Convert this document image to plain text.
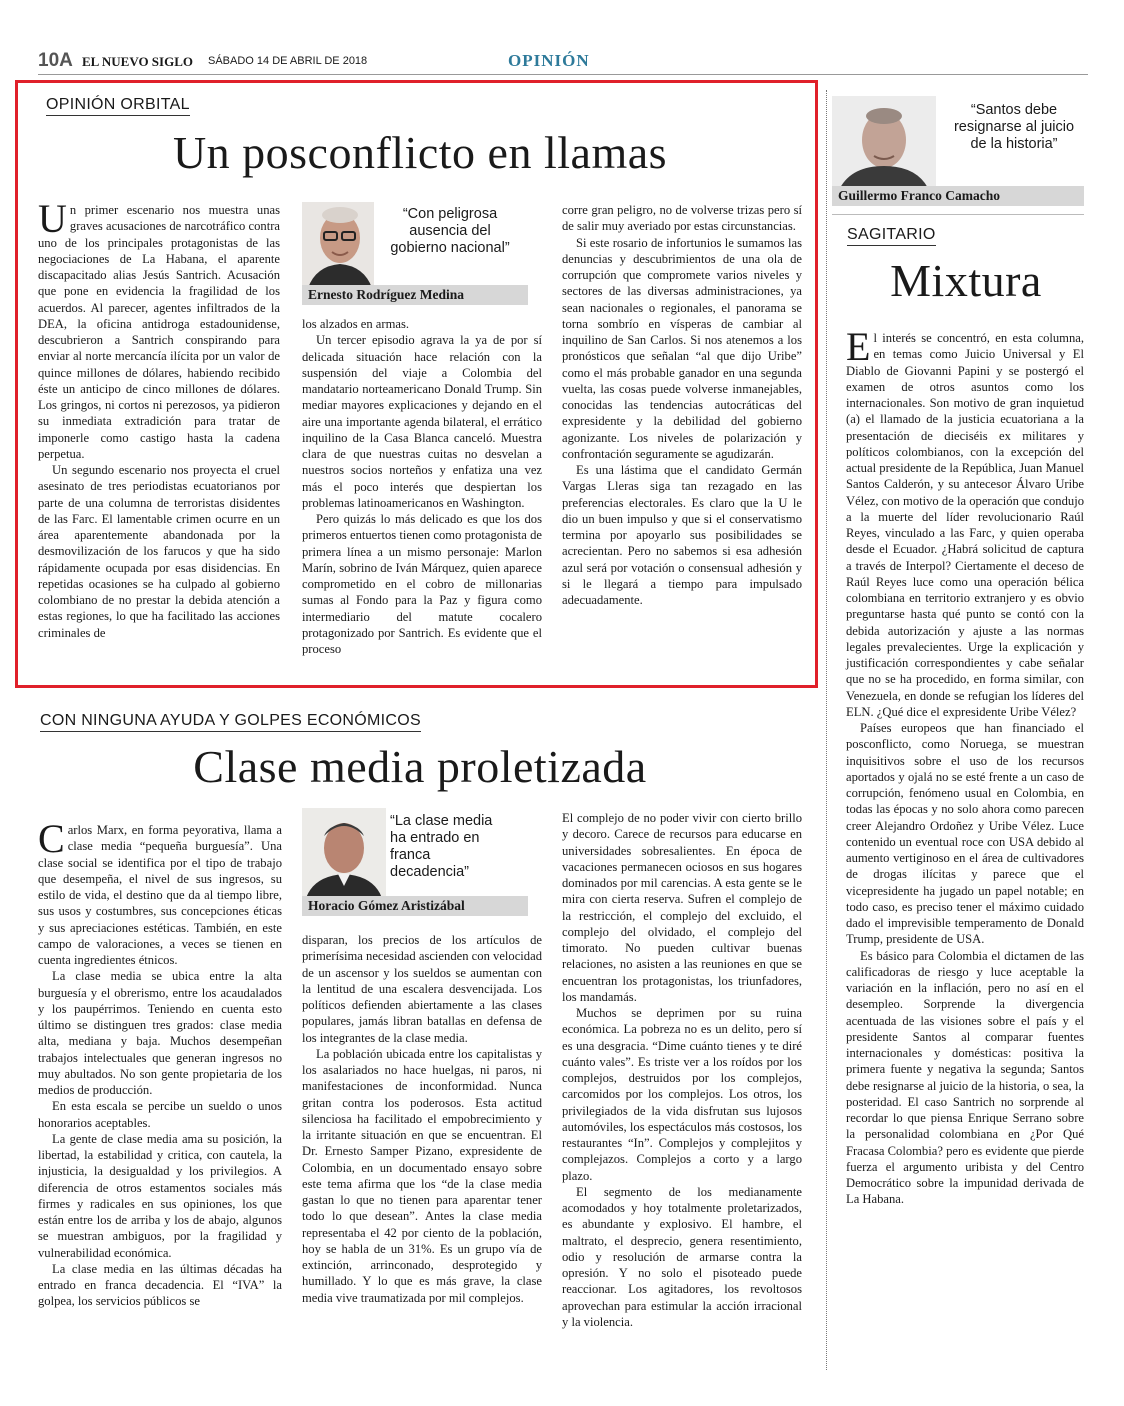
10A EL NUEVO SIGLO SÁBADO 14 DE ABRIL DE 2018	OPINIÓN
OPINIÓN ORBITAL
Un posconflicto en llamas

Un primer escenario nos muestra unas graves acusaciones de narcotráfico contra uno de los principales protagonistas de las negociaciones de La Habana, el aparente discapacitado alias Jesús Santrich. Acusación que pone en evidencia la fragilidad de los acuerdos. Al parecer, agentes infiltrados de la DEA, la oficina antidroga estadounidense, descubrieron a Santrich conspirando para enviar al norte mercancía ilícita por un valor de quince millones de dólares, habiendo recibido éste un anticipo de cinco millones de dólares. Los gringos, ni cortos ni perezosos, ya pidieron su inmediata extradición para tratar de imponerle como castigo hasta la cadena perpetua.

Un segundo escenario nos proyecta el cruel asesinato de tres periodistas ecuatorianos por parte de una columna de terroristas disidentes de las Farc. El lamentable crimen ocurre en un área aparentemente abandonada por la desmovilización de los farucos y que ha sido rápidamente ocupada por esas disidencias. En repetidas ocasiones se ha culpado al gobierno colombiano de no prestar la debida atención a estas regiones, lo que ha facilitado las acciones criminales de

“Con peligrosa ausencia del gobierno nacional”
Ernesto Rodríguez Medina

los alzados en armas.

Un tercer episodio agrava la ya de por sí delicada situación hace relación con la suspensión del viaje a Colombia del mandatario norteamericano Donald Trump. Sin mediar mayores explicaciones y dejando en el aire una importante agenda bilateral, el errático inquilino de la Casa Blanca canceló. Muestra clara de que nuestras cuitas no desvelan a nuestros socios norteños y enfatiza una vez más el poco interés que despiertan los problemas latinoamericanos en Washington.

Pero quizás lo más delicado es que los dos primeros entuertos tienen como protagonista de primera línea a un mismo personaje: Marlon Marín, sobrino de Iván Márquez, quien aparece comprometido en el cobro de millonarias sumas al Fondo para la Paz y figura como intermediario del matute cocalero protagonizado por Santrich. Es evidente que el proceso

corre gran peligro, no de volverse trizas pero sí de salir muy averiado por estas circunstancias.

Si este rosario de infortunios le sumamos las denuncias y descubrimientos de una ola de corrupción que compromete varios niveles y sectores de las diversas administraciones, ya sean nacionales o regionales, el panorama se torna sombrío en vísperas de cambiar al inquilino de San Carlos. Si nos atenemos a los pronósticos que señalan “al que dijo Uribe” como el más probable ganador en una segunda vuelta, las cosas puede volverse inmanejables, conocidas las tendencias autocráticas del expresidente y la debilidad del gobierno agonizante. Los niveles de polarización y confrontación seguramente se agudizarán.

Es una lástima que el candidato Germán Vargas Lleras siga tan rezagado en las preferencias electorales. Es claro que la U le dio un buen impulso y que si el conservatismo termina por apoyarlo sus posibilidades se acrecientan. Pero no sabemos si esa adhesión azul será por votación o consensual adhesión y si le llegará a tiempo para impulsado adecuadamente.

CON NINGUNA AYUDA Y GOLPES ECONÓMICOS
Clase media proletizada

Carlos Marx, en forma peyorativa, llama a clase media “pequeña burguesía”. Una clase social se identifica por el tipo de trabajo que desempeña, el nivel de sus ingresos, su estilo de vida, el destino que da al tiempo libre, sus usos y costumbres, sus concepciones éticas y sus apreciaciones estéticas. También, en este campo de valoraciones, a veces se tienen en cuenta ingredientes étnicos.

La clase media se ubica entre la alta burguesía y el obrerismo, entre los acaudalados y los paupérrimos. Teniendo en cuenta esto último se distinguen tres grados: clase media alta, mediana y baja. Muchos desempeñan trabajos intelectuales que generan ingresos no muy abultados. No son gente propietaria de los medios de producción.

En esta escala se percibe un sueldo o unos honorarios aceptables.

La gente de clase media ama su posición, la libertad, la estabilidad y critica, con cautela, la injusticia, la desigualdad y los privilegios. A diferencia de otros estamentos sociales más firmes y radicales en sus opiniones, los que están entre los de arriba y los de abajo, algunos se muestran ambiguos, por la fragilidad y vulnerabilidad económica.

La clase media en las últimas décadas ha entrado en franca decadencia. El “IVA” la golpea, los servicios públicos se

“La clase media ha entrado en franca decadencia”
Horacio Gómez Aristizábal

disparan, los precios de los artículos de primerísima necesidad ascienden con velocidad de un ascensor y los sueldos se aumentan con la lentitud de una escalera desvencijada. Los políticos defienden abiertamente a las clases populares, jamás libran batallas en defensa de los integrantes de la clase media.

La población ubicada entre los capitalistas y los asalariados no hace huelgas, ni paros, ni manifestaciones de inconformidad. Nunca gritan contra los poderosos. Esta actitud silenciosa ha facilitado el empobrecimiento y la irritante situación en que se encuentran. El Dr. Ernesto Samper Pizano, expresidente de Colombia, en un documentado ensayo sobre este tema afirma que los “de la clase media gastan lo que no tienen para aparentar tener todo lo que desean”. Antes la clase media representaba el 42 por ciento de la población, hoy se habla de un 31%. Es un grupo vía de extinción, arrinconado, desprotegido y humillado. Y lo que es más grave, la clase media vive traumatizada por mil complejos.

El complejo de no poder vivir con cierto brillo y decoro. Carece de recursos para educarse en universidades sobresalientes. En época de vacaciones permanecen ociosos en sus hogares dominados por mil carencias. A esta gente se le mira con cierta reserva. Sufren el complejo de la restricción, el complejo del excluido, el complejo del olvidado, el complejo del timorato. No pueden cultivar buenas relaciones, no asisten a las reuniones en que se encuentran los protagonistas, los triunfadores, los mandamás.

Muchos se deprimen por su ruina económica. La pobreza no es un delito, pero sí es una desgracia. “Dime cuánto tienes y te diré cuánto vales”. Es triste ver a los roídos por los complejos, destruidos por los complejos, carcomidos por los complejos. Los otros, los privilegiados de la vida disfrutan sus lujosos automóviles, los espectáculos más costosos, los restaurantes “In”. Complejos y complejitos y complejazos. Complejos a corto y a largo plazo.

El segmento de los medianamente acomodados y hoy totalmente proletarizados, es abundante y explosivo. El hambre, el maltrato, el desprecio, genera resentimiento, odio y resolución de armarse contra la opresión. Y no solo el pisoteado puede reaccionar. Los agitadores, los revoltosos aprovechan para estimular la acción irracional y la violencia.

“Santos debe resignarse al juicio de la historia”
Guillermo Franco Camacho
SAGITARIO
Mixtura

El interés se concentró, en esta columna, en temas como Juicio Universal y El Diablo de Giovanni Papini y se postergó el examen de otros asuntos como los internacionales. Son motivo de gran inquietud (a) el llamado de la justicia ecuatoriana a la presentación de dieciséis ex militares y políticos colombianos, con la excepción del actual presidente de la República, Juan Manuel Santos Calderón, y su antecesor Álvaro Uribe Vélez, con motivo de la operación que condujo a la muerte del líder revolucionario Raúl Reyes, vinculado a las Farc, y quien operaba desde el Ecuador. ¿Habrá solicitud de captura a través de Interpol? Ciertamente el deceso de Raúl Reyes luce como una operación bélica colombiana en territorio extranjero y es obvio preguntarse hasta qué punto se contó con la debida autorización y ajuste a las normas legales prevalecientes. Urge la explicación y justificación correspondientes y cabe señalar que no se ha procedido, en forma similar, con Venezuela, en donde se refugian los líderes del ELN. ¿Qué dice el expresidente Uribe Vélez?

Países europeos que han financiado el posconflicto, como Noruega, se muestran inquisitivos sobre el uso de los recursos aportados y ojalá no se esté frente a un caso de corrupción, fenómeno usual en Colombia, en todas las épocas y no solo ahora como parecen creer Alejandro Ordoñez y Uribe Vélez. Luce contenido un eventual roce con USA debido al aumento vertiginoso en el área de cultivadores de drogas ilícitas y parece que el vicepresidente ha jugado un papel notable; en todo caso, es preciso tener el máximo cuidado dado el imprevisible temperamento de Donald Trump, presidente de USA.

Es básico para Colombia el dictamen de las calificadoras de riesgo y luce aceptable la variación en la inflación, pero no así en el desempleo. Sorprende la divergencia acentuada de las visiones sobre el país y el presidente Santos al comparar fuentes internacionales y domésticas: positiva la primera fuente y negativa la segunda; Santos debe resignarse al juicio de la historia, o sea, la posteridad. El caso Santrich no sorprende al recordar lo que piensa Enrique Serrano sobre la personalidad colombiana en ¿Por Qué Fracasa Colombia? pero es evidente que pierde fuerza el argumento uribista y del Centro Democrático sobre la impunidad derivada de La Habana.
